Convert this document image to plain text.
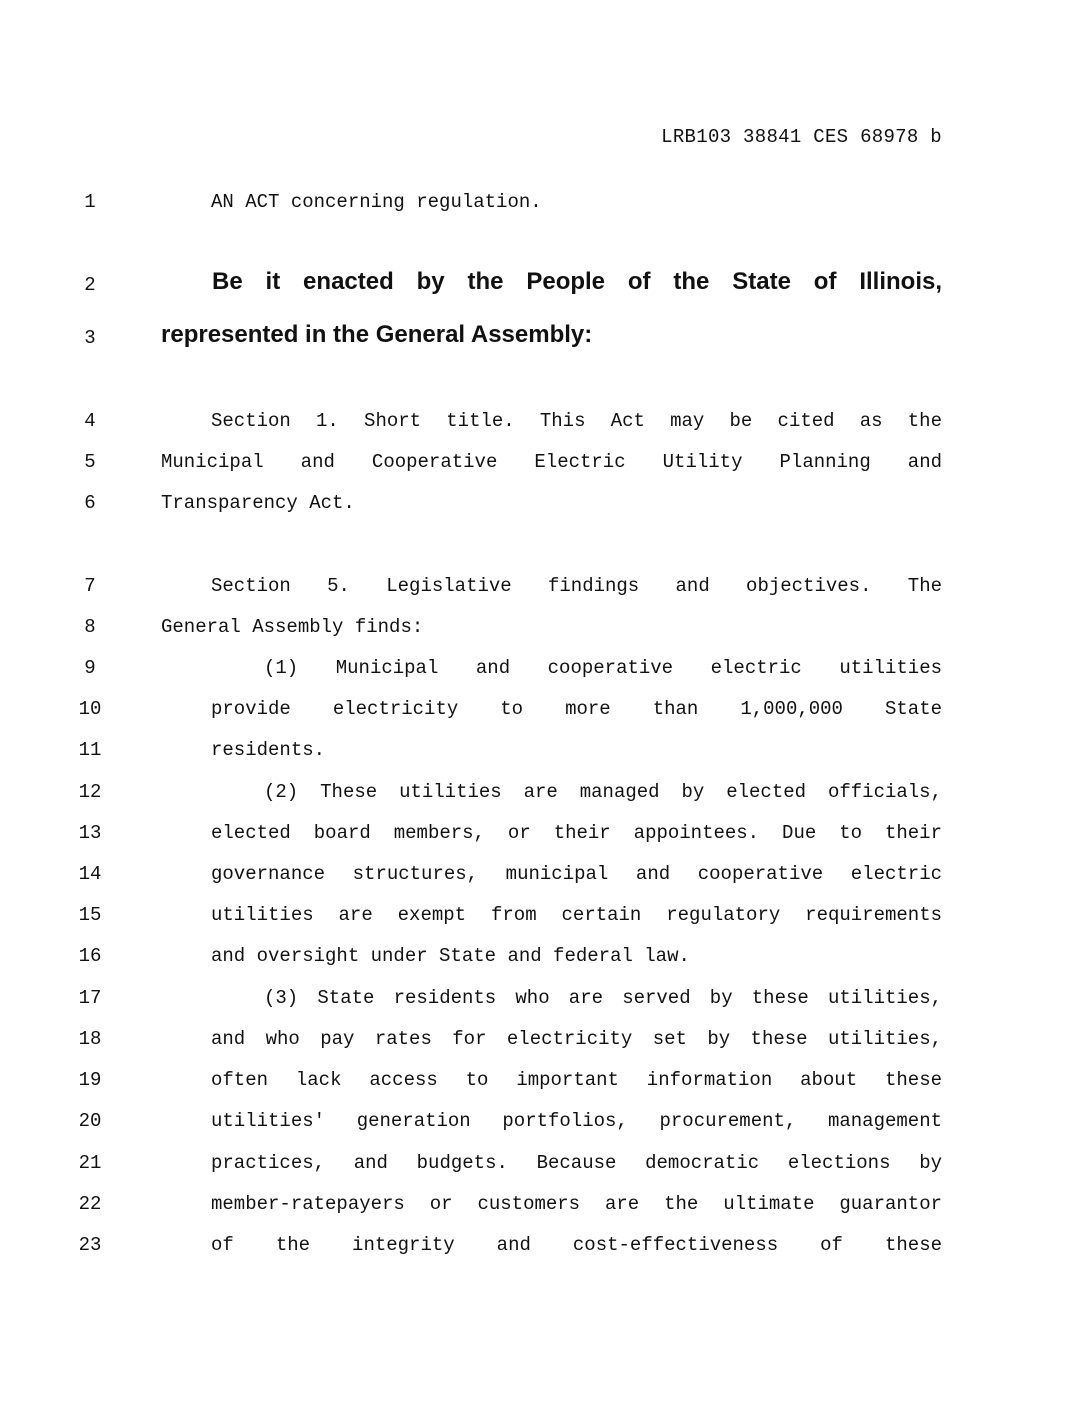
LRB103 38841 CES 68978 b
1	AN ACT concerning regulation.
2	Be it enacted by the People of the State of Illinois,
3	represented in the General Assembly:
4	Section 1. Short title. This Act may be cited as the
5	Municipal and Cooperative Electric Utility Planning and
6	Transparency Act.
7	Section 5. Legislative findings and objectives. The
8	General Assembly finds:
9	(1) Municipal and cooperative electric utilities
10	provide electricity to more than 1,000,000 State
11	residents.
12	(2) These utilities are managed by elected officials,
13	elected board members, or their appointees. Due to their
14	governance structures, municipal and cooperative electric
15	utilities are exempt from certain regulatory requirements
16	and oversight under State and federal law.
17	(3) State residents who are served by these utilities,
18	and who pay rates for electricity set by these utilities,
19	often lack access to important information about these
20	utilities' generation portfolios, procurement, management
21	practices, and budgets. Because democratic elections by
22	member-ratepayers or customers are the ultimate guarantor
23	of the integrity and cost-effectiveness of these
